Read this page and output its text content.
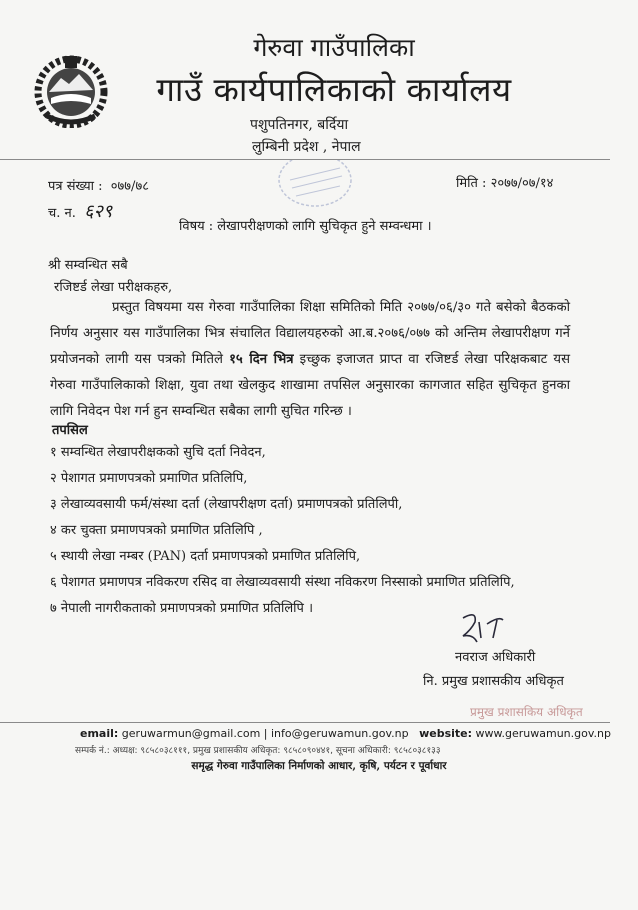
गेरुवा गाउँपालिका
गाउँ कार्यपालिकाको कार्यालय
पशुपतिनगर, बर्दिया
लुम्बिनी प्रदेश , नेपाल
पत्र संख्या : ०७७/७८
च. न. ६२९
मिति : २०७७/०७/१४
विषय : लेखापरीक्षणको लागि सुचिकृत हुने सम्वन्धमा ।
श्री सम्वन्धित सबै
रजिष्टर्ड लेखा परीक्षकहरु,
प्रस्तुत विषयमा यस गेरुवा गाउँपालिका शिक्षा समितिको मिति २०७७/०६/३० गते बसेको बैठकको निर्णय अनुसार यस गाउँपालिका भित्र संचालित विद्यालयहरुको आ.ब.२०७६/०७७ को अन्तिम लेखापरीक्षण गर्ने प्रयोजनको लागी यस पत्रको मितिले १५ दिन भित्र इच्छुक इजाजत प्राप्त वा रजिष्टर्ड लेखा परिक्षकबाट यस गेरुवा गाउँपालिकाको शिक्षा, युवा तथा खेलकुद शाखामा तपसिल अनुसारका कागजात सहित सुचिकृत हुनका लागि निवेदन पेश गर्न हुन सम्वन्धित सबैका लागी सुचित गरिन्छ ।
तपसिल
१ सम्वन्धित लेखापरीक्षकको सुचि दर्ता निवेदन,
२ पेशागत प्रमाणपत्रको प्रमाणित प्रतिलिपि,
३ लेखाव्यवसायी फर्म/संस्था दर्ता (लेखापरीक्षण दर्ता) प्रमाणपत्रको प्रतिलिपी,
४ कर चुक्ता प्रमाणपत्रको प्रमाणित प्रतिलिपि ,
५ स्थायी लेखा नम्बर (PAN) दर्ता प्रमाणपत्रको प्रमाणित प्रतिलिपि,
६ पेशागत प्रमाणपत्र नविकरण रसिद वा लेखाव्यवसायी संस्था नविकरण निस्साको प्रमाणित प्रतिलिपि,
७ नेपाली नागरीकताको प्रमाणपत्रको प्रमाणित प्रतिलिपि ।
नवराज अधिकारी
नि. प्रमुख प्रशासकीय अधिकृत
प्रमुख प्रशासकिय अधिकृत
email: geruwarmun@gmail.com | info@geruwamun.gov.np website: www.geruwamun.gov.np
सम्पर्क नं.: अध्यक्ष: ९८५८०३८१११, प्रमुख प्रशासकीय अधिकृत: ९८५८०९०४४१, सूचना अधिकारी: ९८५८०३८१३३
समृद्ध गेरुवा गाउँपालिका निर्माणको आधार, कृषि, पर्यटन र पूर्वाधार
